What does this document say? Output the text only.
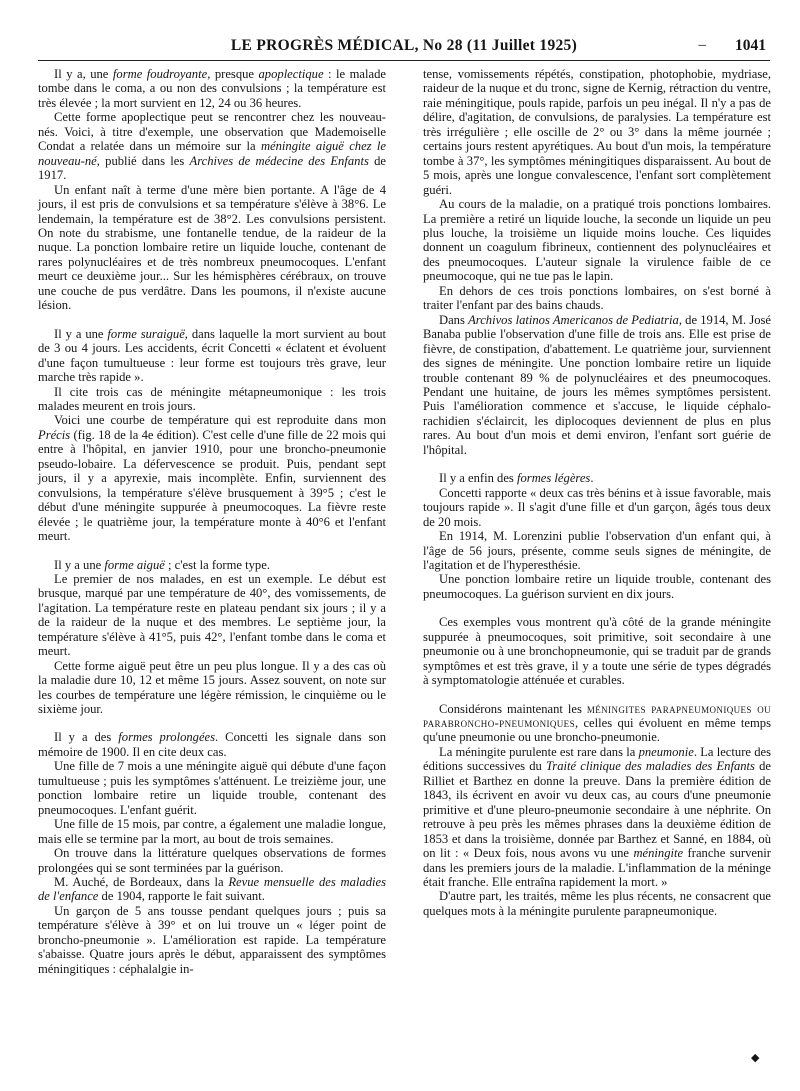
LE PROGRÈS MÉDICAL, No 28 (11 Juillet 1925)	– 1041

Il y a, une forme foudroyante, presque apoplectique : le malade tombe dans le coma, a ou non des convulsions ; la température est très élevée ; la mort survient en 12, 24 ou 36 heures.

Cette forme apoplectique peut se rencontrer chez les nouveau-nés. Voici, à titre d'exemple, une observation que Mademoiselle Condat a relatée dans un mémoire sur la méningite aiguë chez le nouveau-né, publié dans les Archives de médecine des Enfants de 1917.

Un enfant naît à terme d'une mère bien portante. A l'âge de 4 jours, il est pris de convulsions et sa température s'élève à 38°6. Le lendemain, la température est de 38°2. Les convulsions persistent. On note du strabisme, une fontanelle tendue, de la raideur de la nuque. La ponction lombaire retire un liquide louche, contenant de rares polynucléaires et de très nombreux pneumocoques. L'enfant meurt ce deuxième jour... Sur les hémisphères cérébraux, on trouve une couche de pus verdâtre. Dans les poumons, il n'existe aucune lésion.

Il y a une forme suraiguë, dans laquelle la mort survient au bout de 3 ou 4 jours. Les accidents, écrit Concetti « éclatent et évoluent d'une façon tumultueuse : leur forme est toujours très grave, leur marche très rapide ».

Il cite trois cas de méningite métapneumonique : les trois malades meurent en trois jours.

Voici une courbe de température qui est reproduite dans mon Précis (fig. 18 de la 4e édition). C'est celle d'une fille de 22 mois qui entre à l'hôpital, en janvier 1910, pour une broncho-pneumonie pseudo-lobaire. La défervescence se produit. Puis, pendant sept jours, il y a apyrexie, mais incomplète. Enfin, surviennent des convulsions, la température s'élève brusquement à 39°5 ; c'est le début d'une méningite suppurée à pneumocoques. La fièvre reste élevée ; le quatrième jour, la température monte à 40°6 et l'enfant meurt.

Il y a une forme aiguë ; c'est la forme type.

Le premier de nos malades, en est un exemple. Le début est brusque, marqué par une température de 40°, des vomissements, de l'agitation. La température reste en plateau pendant six jours ; il y a de la raideur de la nuque et des membres. Le septième jour, la température s'élève à 41°5, puis 42°, l'enfant tombe dans le coma et meurt.

Cette forme aiguë peut être un peu plus longue. Il y a des cas où la maladie dure 10, 12 et même 15 jours. Assez souvent, on note sur les courbes de température une légère rémission, le cinquième ou le sixième jour.

Il y a des formes prolongées. Concetti les signale dans son mémoire de 1900. Il en cite deux cas.

Une fille de 7 mois a une méningite aiguë qui débute d'une façon tumultueuse ; puis les symptômes s'atténuent. Le treizième jour, une ponction lombaire retire un liquide trouble, contenant des pneumocoques. L'enfant guérit.

Une fille de 15 mois, par contre, a également une maladie longue, mais elle se termine par la mort, au bout de trois semaines.

On trouve dans la littérature quelques observations de formes prolongées qui se sont terminées par la guérison.

M. Auché, de Bordeaux, dans la Revue mensuelle des maladies de l'enfance de 1904, rapporte le fait suivant.

Un garçon de 5 ans tousse pendant quelques jours ; puis sa température s'élève à 39° et on lui trouve un « léger point de broncho-pneumonie ». L'amélioration est rapide. La température s'abaisse. Quatre jours après le début, apparaissent des symptômes méningitiques : céphalalgie in-

tense, vomissements répétés, constipation, photophobie, mydriase, raideur de la nuque et du tronc, signe de Kernig, rétraction du ventre, raie méningitique, pouls rapide, parfois un peu inégal. Il n'y a pas de délire, d'agitation, de convulsions, de paralysies. La température est très irrégulière ; elle oscille de 2° ou 3° dans la même journée ; certains jours restent apyrétiques. Au bout d'un mois, la température tombe à 37°, les symptômes méningitiques disparaissent. Au bout de 5 mois, après une longue convalescence, l'enfant sort complètement guéri.

Au cours de la maladie, on a pratiqué trois ponctions lombaires. La première a retiré un liquide louche, la seconde un liquide un peu plus louche, la troisième un liquide moins louche. Ces liquides donnent un coagulum fibrineux, contiennent des polynucléaires et des pneumocoques. L'auteur signale la virulence faible de ce pneumocoque, qui ne tue pas le lapin.

En dehors de ces trois ponctions lombaires, on s'est borné à traiter l'enfant par des bains chauds.

Dans Archivos latinos Americanos de Pediatria, de 1914, M. José Banaba publie l'observation d'une fille de trois ans. Elle est prise de fièvre, de constipation, d'abattement. Le quatrième jour, surviennent des signes de méningite. Une ponction lombaire retire un liquide trouble contenant 89 % de polynucléaires et des pneumocoques. Pendant une huitaine, de jours les mêmes symptômes persistent. Puis l'amélioration commence et s'accuse, le liquide céphalo-rachidien s'éclaircit, les diplocoques deviennent de plus en plus rares. Au bout d'un mois et demi environ, l'enfant sort guérie de l'hôpital.

Il y a enfin des formes légères.

Concetti rapporte « deux cas très bénins et à issue favorable, mais toujours rapide ». Il s'agit d'une fille et d'un garçon, âgés tous deux de 20 mois.

En 1914, M. Lorenzini publie l'observation d'un enfant qui, à l'âge de 56 jours, présente, comme seuls signes de méningite, de l'agitation et de l'hyperesthésie.

Une ponction lombaire retire un liquide trouble, contenant des pneumocoques. La guérison survient en dix jours.

Ces exemples vous montrent qu'à côté de la grande méningite suppurée à pneumocoques, soit primitive, soit secondaire à une pneumonie ou à une bronchopneumonie, qui se traduit par de grands symptômes et est très grave, il y a toute une série de types dégradés à symptomatologie atténuée et curables.

Considérons maintenant les méningites parapneumoniques ou parabroncho-pneumoniques, celles qui évoluent en même temps qu'une pneumonie ou une broncho-pneumonie.

La méningite purulente est rare dans la pneumonie. La lecture des éditions successives du Traité clinique des maladies des Enfants de Rilliet et Barthez en donne la preuve. Dans la première édition de 1843, ils écrivent en avoir vu deux cas, au cours d'une pneumonie primitive et d'une pleuro-pneumonie secondaire à une néphrite. On retrouve à peu près les mêmes phrases dans la deuxième édition de 1853 et dans la troisième, donnée par Barthez et Sanné, en 1884, où on lit : « Deux fois, nous avons vu une méningite franche survenir dans les premiers jours de la maladie. L'inflammation de la méninge était franche. Elle entraîna rapidement la mort. »

D'autre part, les traités, même les plus récents, ne consacrent que quelques mots à la méningite purulente parapneumonique.

◆
